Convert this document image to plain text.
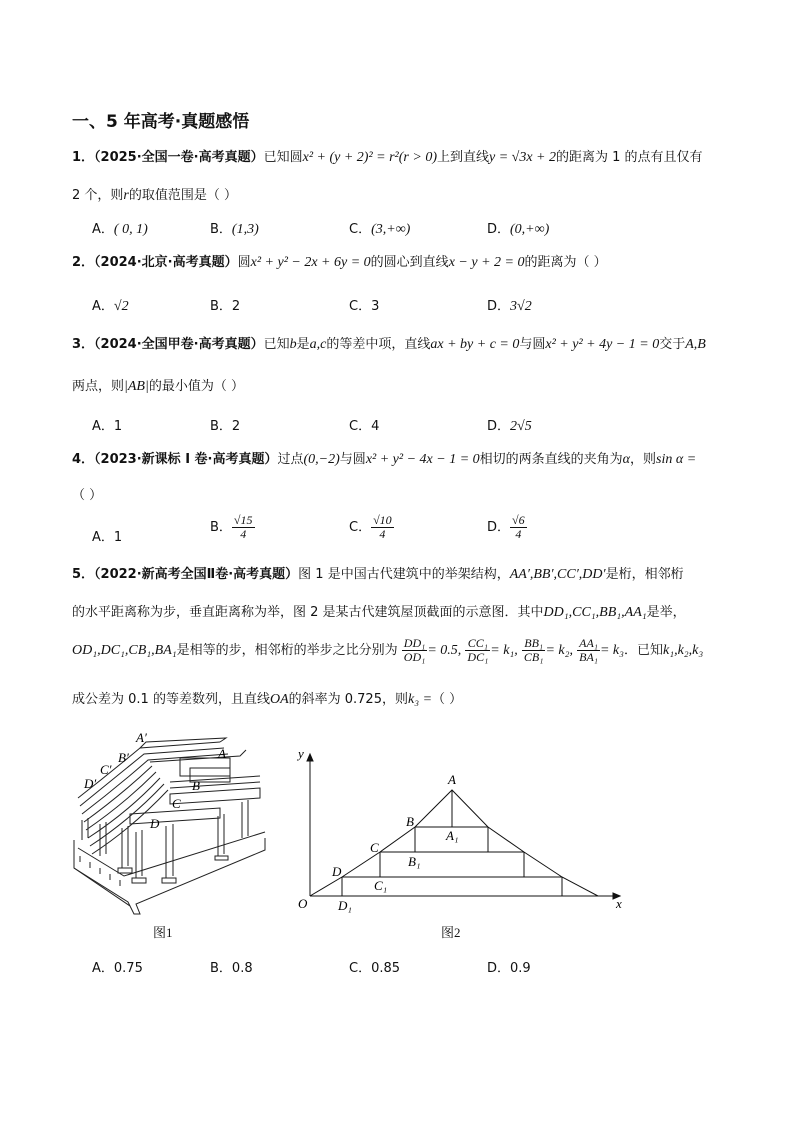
一、5 年高考·真题感悟
1．（2025·全国一卷·高考真题）已知圆x² + (y + 2)² = r²(r > 0)上到直线y = √3x + 2的距离为 1 的点有且仅有
2 个，则r的取值范围是（ ）
A．( 0, 1)	B．(1,3)	C．(3,+∞)	D．(0,+∞)
2．（2024·北京·高考真题）圆x² + y² − 2x + 6y = 0的圆心到直线x − y + 2 = 0的距离为（ ）
A．√2	B．2	C．3	D．3√2
3．（2024·全国甲卷·高考真题）已知b是a,c的等差中项，直线ax + by + c = 0与圆x² + y² + 4y − 1 = 0交于A,B
两点，则|AB|的最小值为（ ）
A．1	B．2	C．4	D．2√5
4．（2023·新课标 I 卷·高考真题）过点(0,−2)与圆x² + y² − 4x − 1 = 0相切的两条直线的夹角为α，则sin α =
（ ）
A．1
B． $\frac{√15}{4}$	C． $\frac{√10}{4}$	D． $\frac{√6}{4}$
5．（2022·新高考全国Ⅱ卷·高考真题）图 1 是中国古代建筑中的举架结构，AA′,BB′,CC′,DD′是桁，相邻桁
的水平距离称为步，垂直距离称为举，图 2 是某古代建筑屋顶截面的示意图．其中DD₁,CC₁,BB₁,AA₁是举，
OD₁,DC₁,CB₁,BA₁是相等的步，相邻桁的举步之比分别为 $\frac{\text{DD₁}}{\text{OD₁}} = 0.5$, $\frac{\text{CC₁}}{\text{DC₁}} = k_1$, $\frac{\text{BB₁}}{\text{CB₁}} = k_2$, $\frac{\text{AA₁}}{\text{BA₁}} = k_3$．已知k₁,k₂,k₃
成公差为 0.1 的等差数列，且直线OA的斜率为 0.725，则k₃ =（ ）
A′
A
B′
C′
D′	B
C
D
图1
y
x
O
A
B
C
D
A₁
B₁
C₁
D₁
图2
A．0.75	B．0.8	C．0.85	D．0.9
